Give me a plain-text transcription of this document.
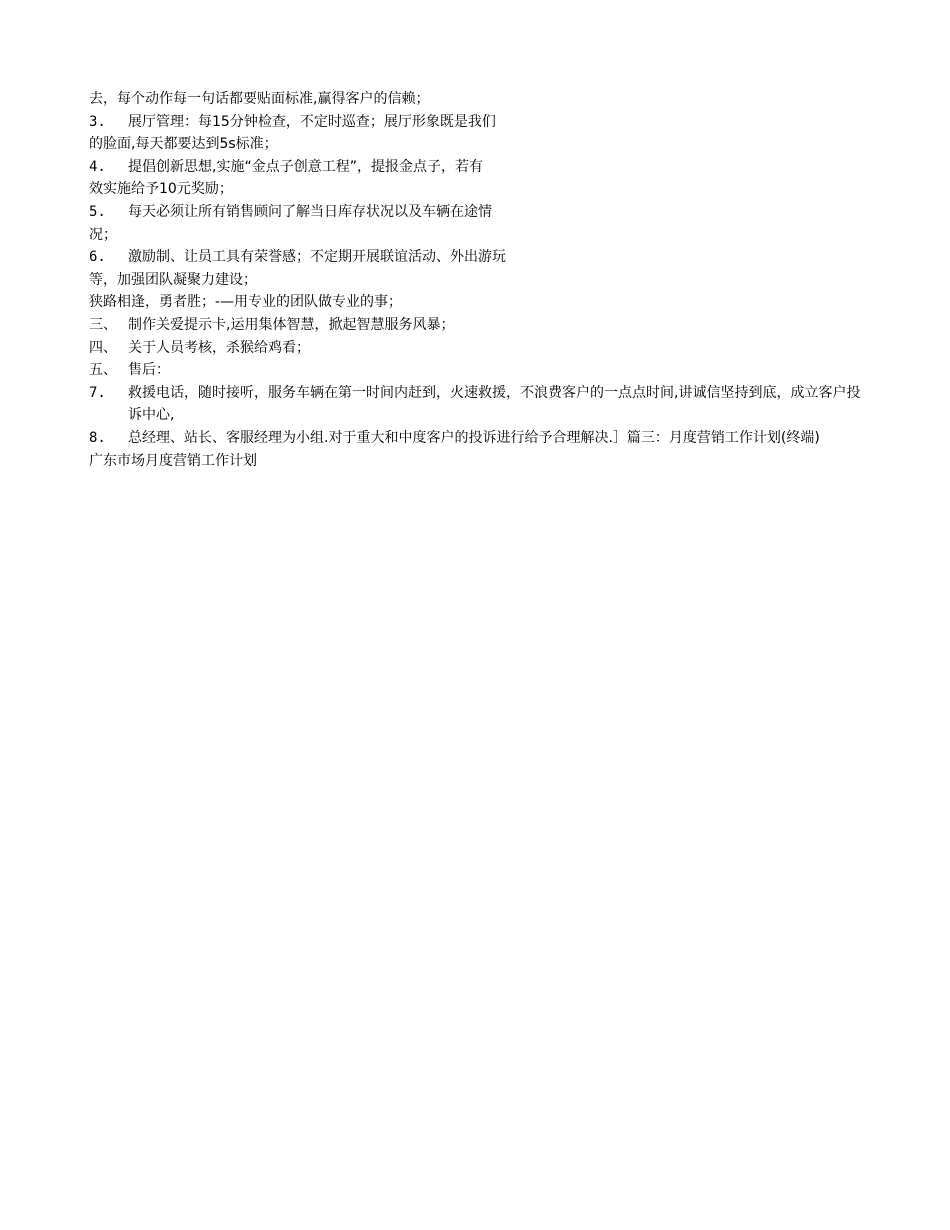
去，每个动作每一句话都要贴面标准,赢得客户的信赖；
3.	展厅管理：每15分钟检查，不定时巡查；展厅形象既是我们
的脸面,每天都要达到5s标准；
4.	提倡创新思想,实施“金点子创意工程”，提报金点子，若有
效实施给予10元奖励；
5.	每天必须让所有销售顾问了解当日库存状况以及车辆在途情
况；
6.	激励制、让员工具有荣誉感；不定期开展联谊活动、外出游玩
等，加强团队凝聚力建设；
狭路相逢，勇者胜；-—用专业的团队做专业的事；
三、 制作关爱提示卡,运用集体智慧，掀起智慧服务风暴；
四、 关于人员考核，杀猴给鸡看；
五、 售后：
7.	救援电话，随时接听，服务车辆在第一时间内赶到，火速救援，不浪费客户的一点点时间,讲诚信坚持到底，成立客户投诉中心,
8.	总经理、站长、客服经理为小组.对于重大和中度客户的投诉进行给予合理解决.］篇三：月度营销工作计划(终端)
广东市场月度营销工作计划
